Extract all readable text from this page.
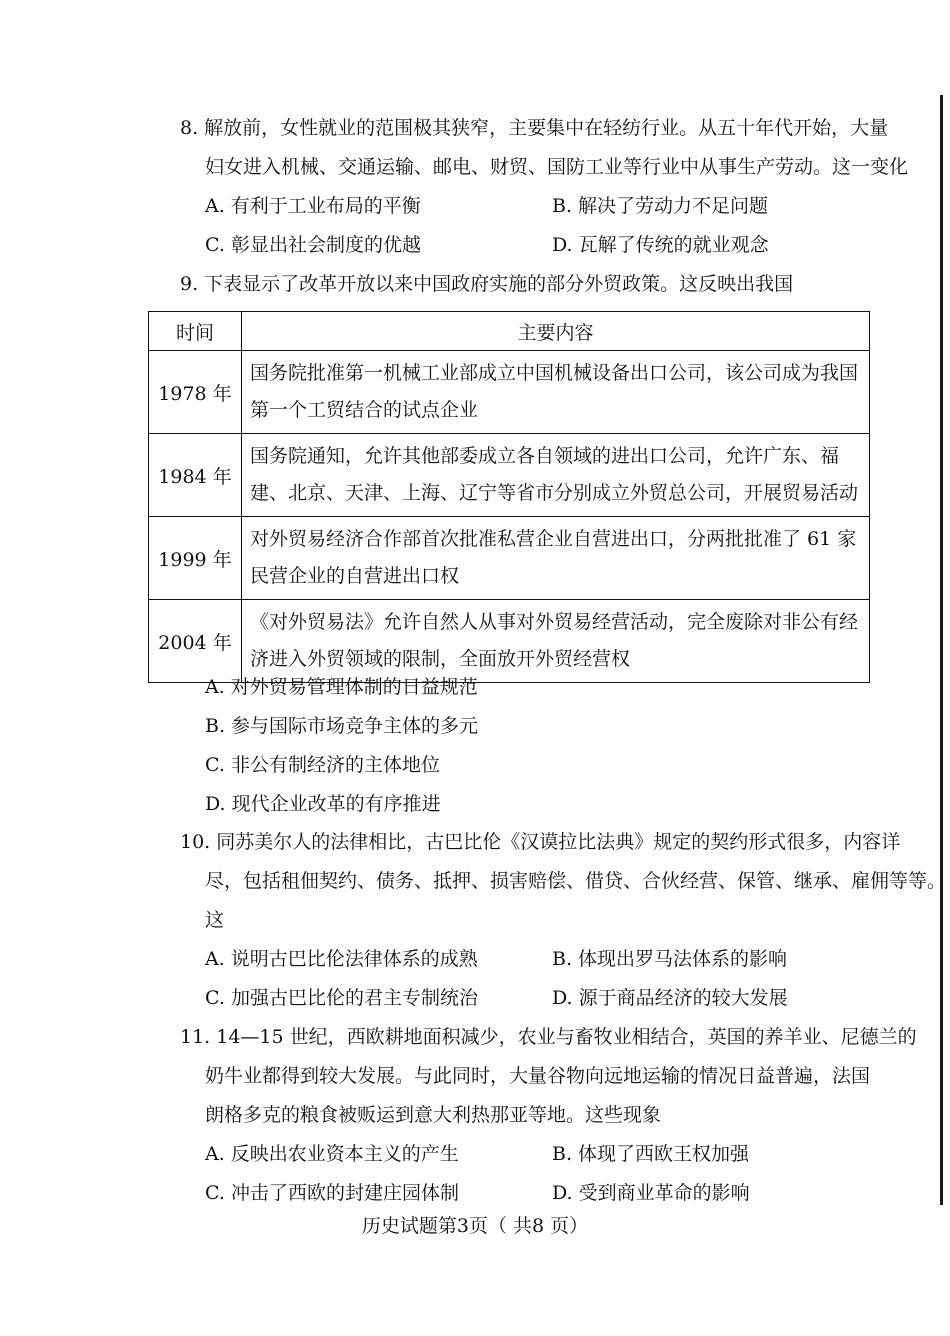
8. 解放前，女性就业的范围极其狭窄，主要集中在轻纺行业。从五十年代开始，大量
妇女进入机械、交通运输、邮电、财贸、国防工业等行业中从事生产劳动。这一变化
A. 有利于工业布局的平衡	B. 解决了劳动力不足问题
C. 彰显出社会制度的优越	D. 瓦解了传统的就业观念
9. 下表显示了改革开放以来中国政府实施的部分外贸政策。这反映出我国
时间	主要内容
1978 年	国务院批准第一机械工业部成立中国机械设备出口公司，该公司成为我国第一个工贸结合的试点企业
1984 年	国务院通知，允许其他部委成立各自领域的进出口公司，允许广东、福建、北京、天津、上海、辽宁等省市分别成立外贸总公司，开展贸易活动
1999 年	对外贸易经济合作部首次批准私营企业自营进出口，分两批批准了 61 家民营企业的自营进出口权
2004 年	《对外贸易法》允许自然人从事对外贸易经营活动，完全废除对非公有经济进入外贸领域的限制，全面放开外贸经营权
A. 对外贸易管理体制的日益规范
B. 参与国际市场竞争主体的多元
C. 非公有制经济的主体地位
D. 现代企业改革的有序推进
10. 同苏美尔人的法律相比，古巴比伦《汉谟拉比法典》规定的契约形式很多，内容详
尽，包括租佃契约、债务、抵押、损害赔偿、借贷、合伙经营、保管、继承、雇佣等等。
这
A. 说明古巴比伦法律体系的成熟	B. 体现出罗马法体系的影响
C. 加强古巴比伦的君主专制统治	D. 源于商品经济的较大发展
11. 14—15 世纪，西欧耕地面积减少，农业与畜牧业相结合，英国的养羊业、尼德兰的
奶牛业都得到较大发展。与此同时，大量谷物向远地运输的情况日益普遍，法国
朗格多克的粮食被贩运到意大利热那亚等地。这些现象
A. 反映出农业资本主义的产生	B. 体现了西欧王权加强
C. 冲击了西欧的封建庄园体制	D. 受到商业革命的影响
历史试题第3页（ 共8 页）
